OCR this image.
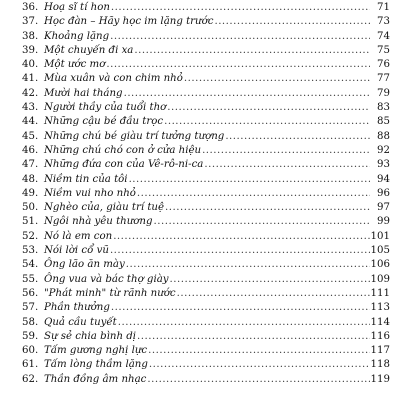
36. Hoạ sĩ tí hon .....	71
37. Học đàn – Hãy học im lặng trước .....	73
38. Khoảng lặng .....	74
39. Một chuyến đi xa .....	75
40. Một ước mơ .....	76
41. Mùa xuân và con chim nhỏ .....	77
42. Mười hai tháng .....	79
43. Người thầy của tuổi thơ .....	83
44. Những cậu bé đầu trọc .....	85
45. Những chú bé giàu trí tưởng tượng .....	88
46. Những chú chó con ở cửa hiệu .....	92
47. Những đứa con của Vê-rô-ni-ca .....	93
48. Niềm tin của tôi .....	94
49. Niềm vui nho nhỏ .....	96
50. Nghèo của, giàu trí tuệ .....	97
51. Ngôi nhà yêu thương .....	99
52. Nó là em con .....	101
53. Nói lời cổ vũ .....	105
54. Ông lão ăn mày .....	106
55. Ông vua và bác thợ giày .....	109
56. "Phát minh" từ rãnh nước .....	111
57. Phần thưởng .....	113
58. Quả cầu tuyết .....	114
59. Sự sẻ chia bình dị .....	116
60. Tấm gương nghị lực .....	117
61. Tấm lòng thầm lặng .....	118
62. Thần đồng âm nhạc .....	119
